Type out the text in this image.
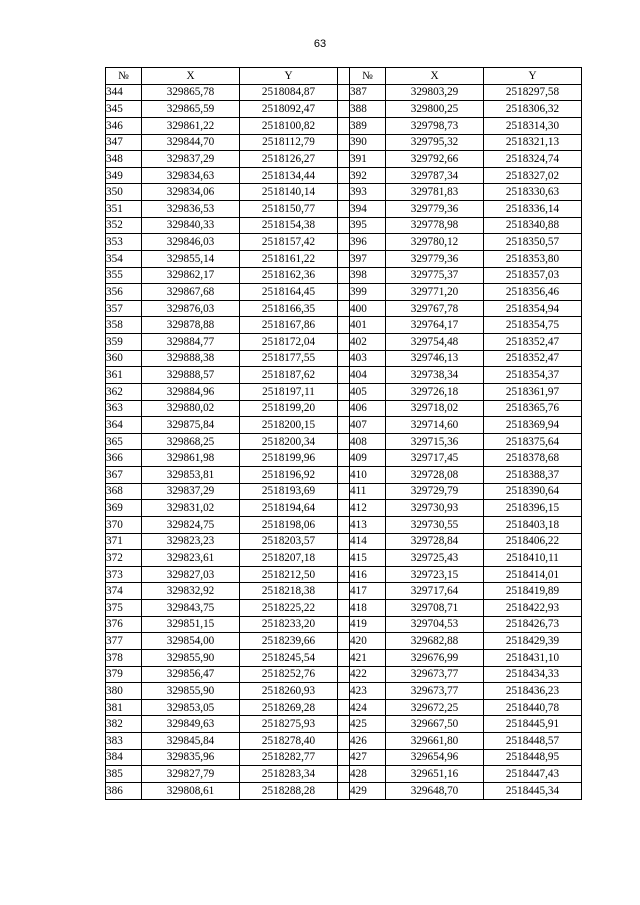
63
№	X	Y		№	X	Y
344	329865,78	2518084,87		387	329803,29	2518297,58
345	329865,59	2518092,47		388	329800,25	2518306,32
346	329861,22	2518100,82		389	329798,73	2518314,30
347	329844,70	2518112,79		390	329795,32	2518321,13
348	329837,29	2518126,27		391	329792,66	2518324,74
349	329834,63	2518134,44		392	329787,34	2518327,02
350	329834,06	2518140,14		393	329781,83	2518330,63
351	329836,53	2518150,77		394	329779,36	2518336,14
352	329840,33	2518154,38		395	329778,98	2518340,88
353	329846,03	2518157,42		396	329780,12	2518350,57
354	329855,14	2518161,22		397	329779,36	2518353,80
355	329862,17	2518162,36		398	329775,37	2518357,03
356	329867,68	2518164,45		399	329771,20	2518356,46
357	329876,03	2518166,35		400	329767,78	2518354,94
358	329878,88	2518167,86		401	329764,17	2518354,75
359	329884,77	2518172,04		402	329754,48	2518352,47
360	329888,38	2518177,55		403	329746,13	2518352,47
361	329888,57	2518187,62		404	329738,34	2518354,37
362	329884,96	2518197,11		405	329726,18	2518361,97
363	329880,02	2518199,20		406	329718,02	2518365,76
364	329875,84	2518200,15		407	329714,60	2518369,94
365	329868,25	2518200,34		408	329715,36	2518375,64
366	329861,98	2518199,96		409	329717,45	2518378,68
367	329853,81	2518196,92		410	329728,08	2518388,37
368	329837,29	2518193,69		411	329729,79	2518390,64
369	329831,02	2518194,64		412	329730,93	2518396,15
370	329824,75	2518198,06		413	329730,55	2518403,18
371	329823,23	2518203,57		414	329728,84	2518406,22
372	329823,61	2518207,18		415	329725,43	2518410,11
373	329827,03	2518212,50		416	329723,15	2518414,01
374	329832,92	2518218,38		417	329717,64	2518419,89
375	329843,75	2518225,22		418	329708,71	2518422,93
376	329851,15	2518233,20		419	329704,53	2518426,73
377	329854,00	2518239,66		420	329682,88	2518429,39
378	329855,90	2518245,54		421	329676,99	2518431,10
379	329856,47	2518252,76		422	329673,77	2518434,33
380	329855,90	2518260,93		423	329673,77	2518436,23
381	329853,05	2518269,28		424	329672,25	2518440,78
382	329849,63	2518275,93		425	329667,50	2518445,91
383	329845,84	2518278,40		426	329661,80	2518448,57
384	329835,96	2518282,77		427	329654,96	2518448,95
385	329827,79	2518283,34		428	329651,16	2518447,43
386	329808,61	2518288,28		429	329648,70	2518445,34
